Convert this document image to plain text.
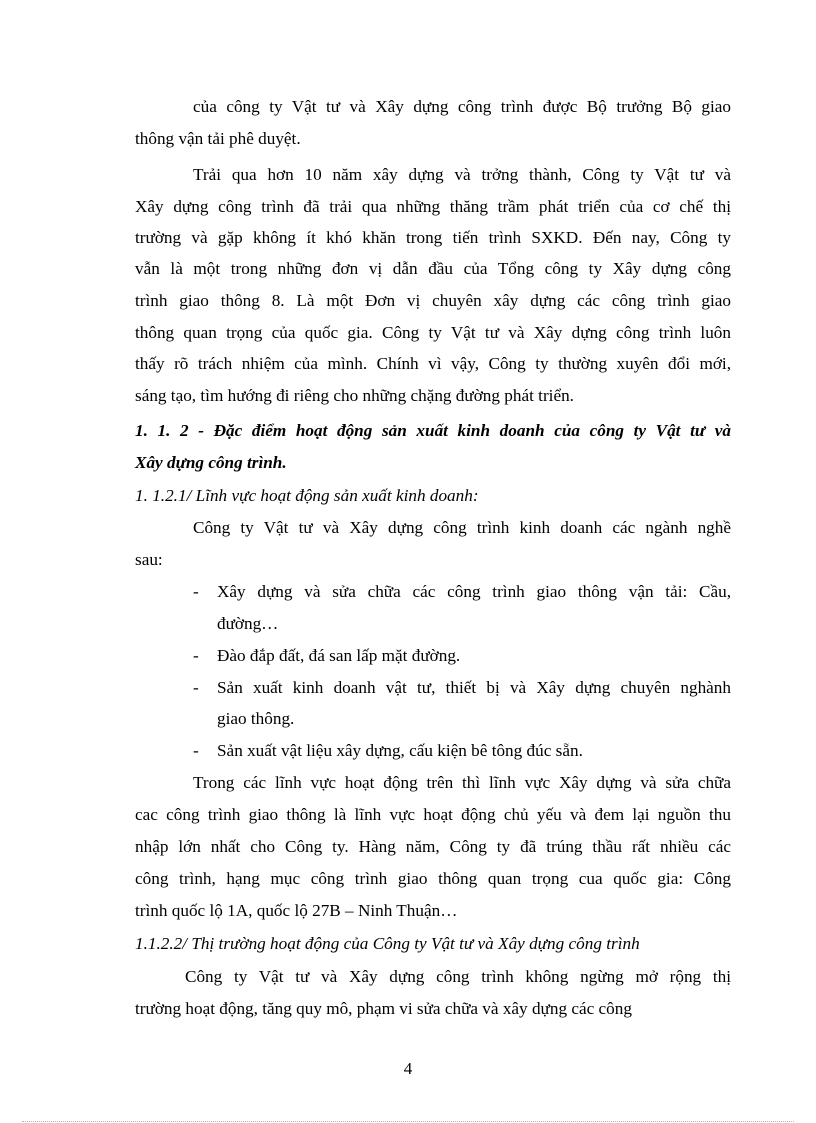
của công ty Vật tư và Xây dựng công trình được Bộ trưởng Bộ giao
thông vận tải phê duyệt.
Trải qua hơn 10 năm xây dựng và trởng thành, Công ty Vật tư và
Xây dựng công trình đã trải qua những thăng trầm phát triển của cơ chế thị
trường và gặp không ít khó khăn trong tiến trình SXKD. Đến nay, Công ty
vẫn là một trong những đơn vị dẫn đầu của Tổng công ty Xây dựng công
trình giao thông 8. Là một Đơn vị chuyên xây dựng các công trình giao
thông quan trọng của quốc gia. Công ty Vật tư và Xây dựng công trình luôn
thấy rõ trách nhiệm của mình. Chính vì vậy, Công ty thường xuyên đổi mới,
sáng tạo, tìm hướng đi riêng cho những chặng đường phát triển.
1. 1. 2 - Đặc điểm hoạt động sản xuất kinh doanh của công ty Vật tư và
Xây dựng công trình.
1. 1.2.1/ Lĩnh vực hoạt động sản xuất kinh doanh:
Công ty Vật tư và Xây dựng công trình kinh doanh các ngành nghề
sau:
- Xây dựng và sửa chữa các công trình giao thông vận tải: Cầu,
đường…
- Đào đắp đất, đá san lấp mặt đường.
- Sản xuất kinh doanh vật tư, thiết bị và Xây dựng chuyên nghành
giao thông.
- Sản xuất vật liệu xây dựng, cấu kiện bê tông đúc sẵn.
Trong các lĩnh vực hoạt động trên thì lĩnh vực Xây dựng và sửa chữa
cac công trình giao thông là lĩnh vực hoạt động chủ yếu và đem lại nguồn thu
nhập lớn nhất cho Công ty. Hàng năm, Công ty đã trúng thầu rất nhiều các
công trình, hạng mục công trình giao thông quan trọng cua quốc gia: Công
trình quốc lộ 1A, quốc lộ 27B – Ninh Thuận…
1.1.2.2/ Thị trường hoạt động của Công ty Vật tư và Xây dựng công trình
Công ty Vật tư và Xây dựng công trình không ngừng mở rộng thị
trường hoạt động, tăng quy mô, phạm vi sửa chữa và xây dựng các công
4
